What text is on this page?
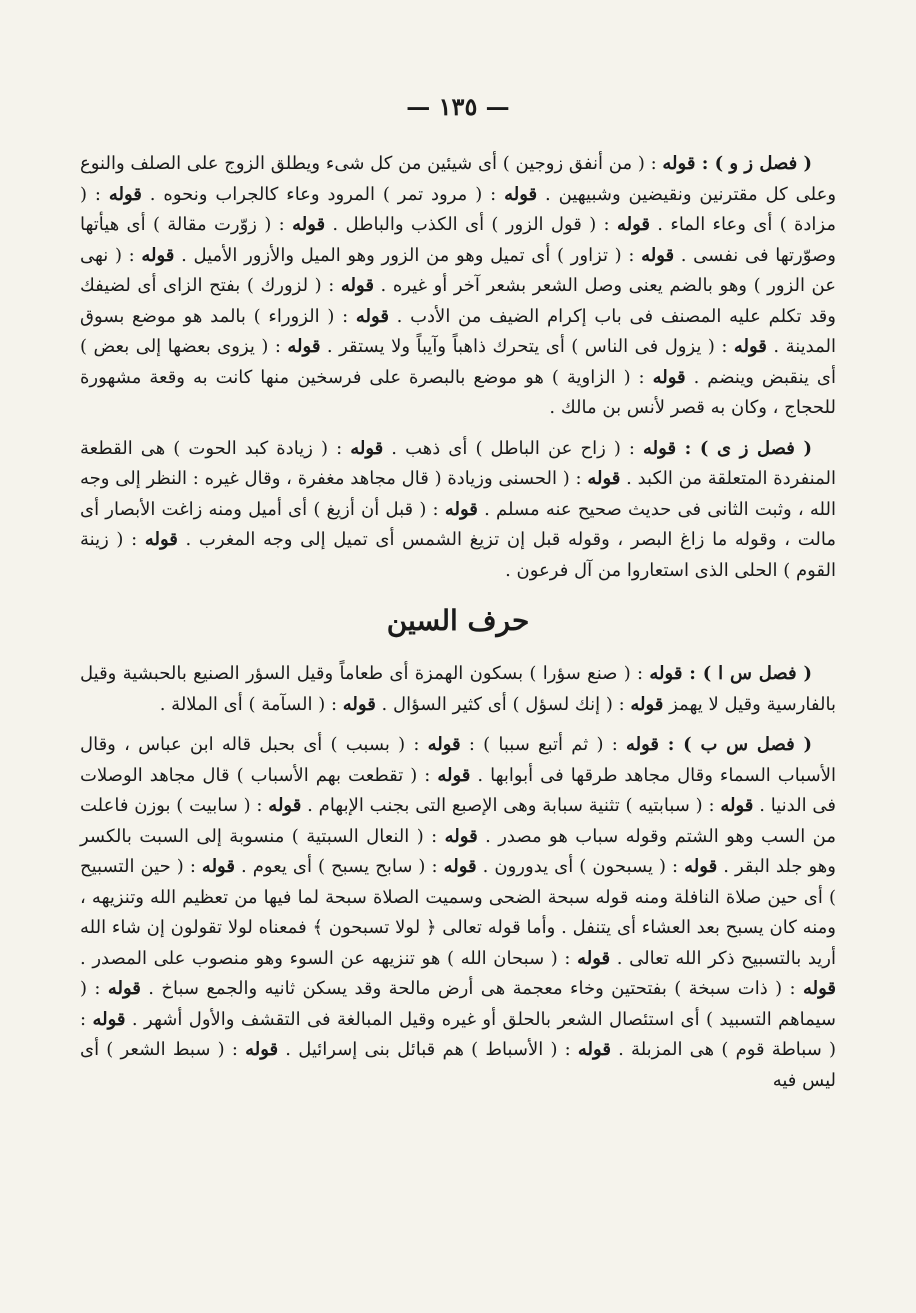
— ١٣٥ —

( فصل ز و ) : قوله : ( من أنفق زوجين ) أى شيئين من كل شىء ويطلق الزوج على الصلف والنوع وعلى كل مقترنين ونقيضين وشبيهين . قوله : ( مرود تمر ) المرود وعاء كالجراب ونحوه . قوله : ( مزادة ) أى وعاء الماء . قوله : ( قول الزور ) أى الكذب والباطل . قوله : ( زوّرت مقالة ) أى هيأتها وصوّرتها فى نفسى . قوله : ( تزاور ) أى تميل وهو من الزور وهو الميل والأزور الأميل . قوله : ( نهى عن الزور ) وهو بالضم يعنى وصل الشعر بشعر آخر أو غيره . قوله : ( لزورك ) بفتح الزاى أى لضيفك وقد تكلم عليه المصنف فى باب إكرام الضيف من الأدب . قوله : ( الزوراء ) بالمد هو موضع بسوق المدينة . قوله : ( يزول فى الناس ) أى يتحرك ذاهباً وآيباً ولا يستقر . قوله : ( يزوى بعضها إلى بعض ) أى ينقبض وينضم . قوله : ( الزاوية ) هو موضع بالبصرة على فرسخين منها كانت به وقعة مشهورة للحجاج ، وكان به قصر لأنس بن مالك .

( فصل ز ى ) : قوله : ( زاح عن الباطل ) أى ذهب . قوله : ( زيادة كبد الحوت ) هى القطعة المنفردة المتعلقة من الكبد . قوله : ( الحسنى وزيادة ( قال مجاهد مغفرة ، وقال غيره : النظر إلى وجه الله ، وثبت الثانى فى حديث صحيح عنه مسلم . قوله : ( قبل أن أزيغ ) أى أميل ومنه زاغت الأبصار أى مالت ، وقوله ما زاغ البصر ، وقوله قبل إن تزيغ الشمس أى تميل إلى وجه المغرب . قوله : ( زينة القوم ) الحلى الذى استعاروا من آل فرعون .

حرف السين

( فصل س ا ) : قوله : ( صنع سؤرا ) بسكون الهمزة أى طعاماً وقيل السؤر الصنيع بالحبشية وقيل بالفارسية وقيل لا يهمز قوله : ( إنك لسؤل ) أى كثير السؤال . قوله : ( السآمة ) أى الملالة .

( فصل س ب ) : قوله : ( ثم أتبع سببا ) : قوله : ( بسبب ) أى بحبل قاله ابن عباس ، وقال الأسباب السماء وقال مجاهد طرقها فى أبوابها . قوله : ( تقطعت بهم الأسباب ) قال مجاهد الوصلات فى الدنيا . قوله : ( سبابتيه ) تثنية سبابة وهى الإصبع التى بجنب الإبهام . قوله : ( سابيت ) بوزن فاعلت من السب وهو الشتم وقوله سباب هو مصدر . قوله : ( النعال السبتية ) منسوبة إلى السبت بالكسر وهو جلد البقر . قوله : ( يسبحون ) أى يدورون . قوله : ( سابح يسبح ) أى يعوم . قوله : ( حين التسبيح ) أى حين صلاة النافلة ومنه قوله سبحة الضحى وسميت الصلاة سبحة لما فيها من تعظيم الله وتنزيهه ، ومنه كان يسبح بعد العشاء أى يتنفل . وأما قوله تعالى ﴿ لولا تسبحون ﴾ فمعناه لولا تقولون إن شاء الله أريد بالتسبيح ذكر الله تعالى . قوله : ( سبحان الله ) هو تنزيهه عن السوء وهو منصوب على المصدر . قوله : ( ذات سبخة ) بفتحتين وخاء معجمة هى أرض مالحة وقد يسكن ثانيه والجمع سباخ . قوله : ( سيماهم التسبيد ) أى استئصال الشعر بالحلق أو غيره وقيل المبالغة فى التقشف والأول أشهر . قوله : ( سباطة قوم ) هى المزبلة . قوله : ( الأسباط ) هم قبائل بنى إسرائيل . قوله : ( سبط الشعر ) أى ليس فيه
